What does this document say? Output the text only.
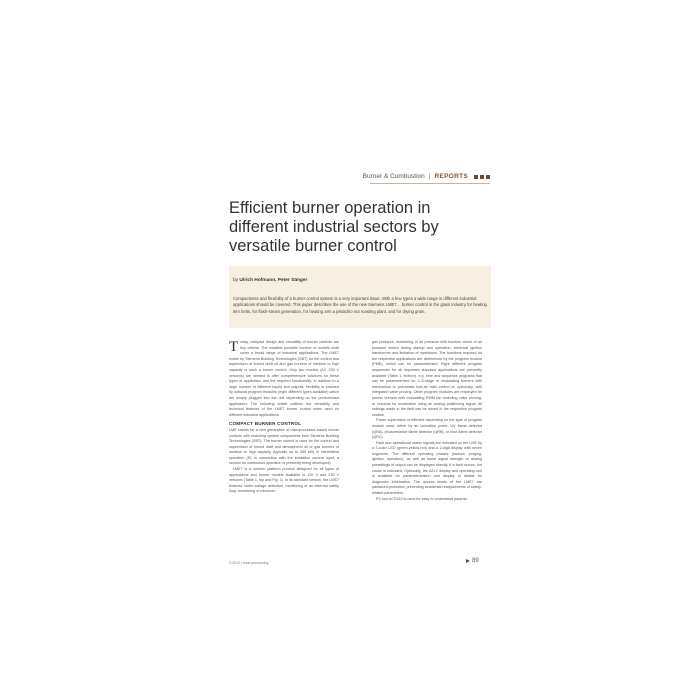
Burner & Combustion | REPORTS
Efficient burner operation in different industrial sectors by versatile burner control
by Ulrich Hofmann, Peter Sänger
Compactness and flexibility of a burner control system is a very important issue. With a few types a wide range in different industrial applications should be covered. This paper describes the use of the new Siemens LME7… burner control in the glass industry for heating lehr belts, for flash-steam generation, for heating arm a pistachio nut roasting plant, and for drying grain.

Today, compact design and versatility of burner controls are key criteria. The smallest possible number of models shall cover a broad range of industrial applications. The LME7 model by Siemens Building Technologies (SBT) for the control and supervision of forced draft oil and gas burners of medium to high capacity is such a burner control. Only two models (AC 230 V versions) are needed to offer comprehensive solutions for these types of application and the required functionality. In addition to a large number of different inputs and outputs, flexibility is ensured by optional program modules (eight different types available) which are simply plugged into the unit depending on the predominant application. The following article outlines the versatility and technical features of the LME7 burner control when used on different industrial applications.

COMPACT BURNER CONTROL

LME stands for a new generation of microprocessor-based burner controls with matching system components from Siemens Building Technologies (SBT). The burner control is used for the control and supervision of forced draft and atmospheric oil or gas burners of medium to high capacity (typically up to 350 kW) in intermittent operation (EL in connection with the ionization current input, a version for continuous operation is presently being developed).

LME7 is a uniform platform product designed for all types of applications and burner models available in 120 V and 230 V versions (Table 1, top and Fig. 1). In its standard version, the LME7 features under-voltage detection, monitoring of an external safety loop, monitoring of minimum

gas pressure, monitoring of air pressure with function check of air pressure switch during startup and operation, electrical ignition transformer and limitation of repetitions. The functions required for the respective applications are determined by the program module (PME), which can be parameterized. Eight different program sequences for all important standard applications are presently available (Table 1, bottom), e.g. time and sequence programs that can be parameterized for 1-/2-stage or modulating burners with mechanical or pneumatic fuel-air ratio control or, optionally, with integrated valve proving. Other program modules are employed for premix burners with modulating PWM fan including valve proving, or versions for modulation using an analog positioning signal. All settings made in the field can be stored in the respective program module.

Flame supervision is effected depending on the type of program module used, either by an ionization probe, UV flame detector (QRA), photoresistive flame detector (QRB), or blue-flame detector (QRC).

Fault and operational status signals are indicated on the LME by a 3-color LED (green-yellow-red) and a 2-digit display with seven segments. The different operating phases (lockout, purging, ignition, operation), as well as flame signal strength or analog presettings of output can be displayed directly. If a fault occurs, the cause is indicated. Optionally, the AZL2 display and operating unit is available for parameterization and display of details for diagnostic information. The access levels of the LME7 are password-protected, preventing accidental readjustments of safety-related parameters.

PC tool ACS410 is used for easy to understand parame-

2-2010 | heat processing	89
